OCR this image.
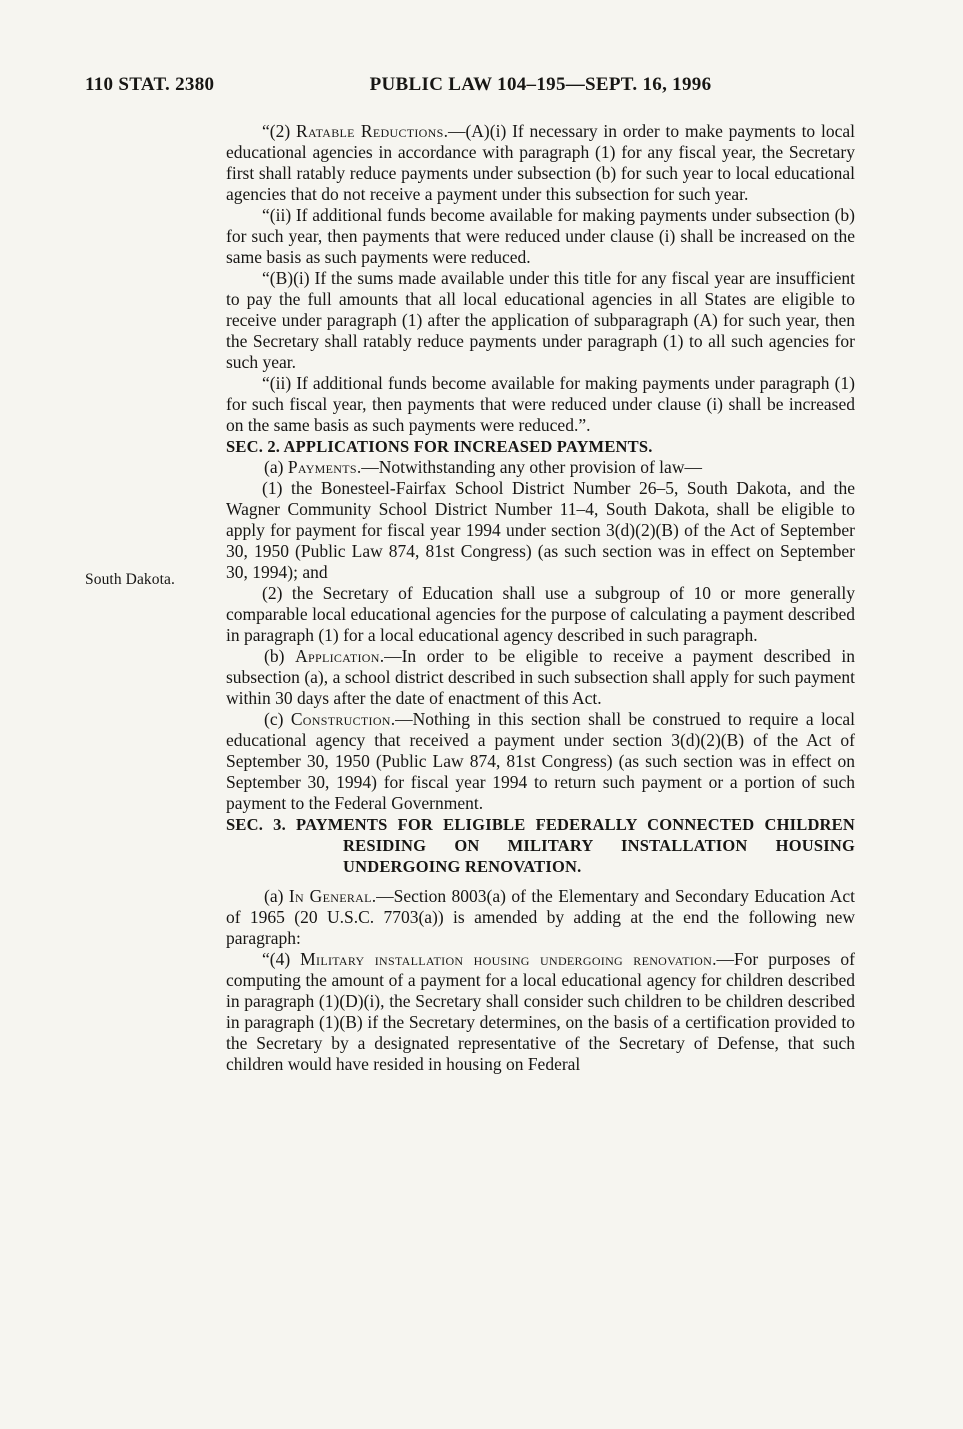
110 STAT. 2380	PUBLIC LAW 104–195—SEPT. 16, 1996
South Dakota.

“(2) Ratable Reductions.—(A)(i) If necessary in order to make payments to local educational agencies in accordance with paragraph (1) for any fiscal year, the Secretary first shall ratably reduce payments under subsection (b) for such year to local educational agencies that do not receive a payment under this subsection for such year.

“(ii) If additional funds become available for making payments under subsection (b) for such year, then payments that were reduced under clause (i) shall be increased on the same basis as such payments were reduced.

“(B)(i) If the sums made available under this title for any fiscal year are insufficient to pay the full amounts that all local educational agencies in all States are eligible to receive under paragraph (1) after the application of subparagraph (A) for such year, then the Secretary shall ratably reduce payments under paragraph (1) to all such agencies for such year.

“(ii) If additional funds become available for making payments under paragraph (1) for such fiscal year, then payments that were reduced under clause (i) shall be increased on the same basis as such payments were reduced.”.

SEC. 2. APPLICATIONS FOR INCREASED PAYMENTS.

(a) Payments.—Notwithstanding any other provision of law—

(1) the Bonesteel-Fairfax School District Number 26–5, South Dakota, and the Wagner Community School District Number 11–4, South Dakota, shall be eligible to apply for payment for fiscal year 1994 under section 3(d)(2)(B) of the Act of September 30, 1950 (Public Law 874, 81st Congress) (as such section was in effect on September 30, 1994); and

(2) the Secretary of Education shall use a subgroup of 10 or more generally comparable local educational agencies for the purpose of calculating a payment described in paragraph (1) for a local educational agency described in such paragraph.

(b) Application.—In order to be eligible to receive a payment described in subsection (a), a school district described in such subsection shall apply for such payment within 30 days after the date of enactment of this Act.

(c) Construction.—Nothing in this section shall be construed to require a local educational agency that received a payment under section 3(d)(2)(B) of the Act of September 30, 1950 (Public Law 874, 81st Congress) (as such section was in effect on September 30, 1994) for fiscal year 1994 to return such payment or a portion of such payment to the Federal Government.

SEC. 3. PAYMENTS FOR ELIGIBLE FEDERALLY CONNECTED CHILDREN RESIDING ON MILITARY INSTALLATION HOUSING UNDERGOING RENOVATION.

(a) In General.—Section 8003(a) of the Elementary and Secondary Education Act of 1965 (20 U.S.C. 7703(a)) is amended by adding at the end the following new paragraph:

“(4) Military installation housing undergoing renovation.—For purposes of computing the amount of a payment for a local educational agency for children described in paragraph (1)(D)(i), the Secretary shall consider such children to be children described in paragraph (1)(B) if the Secretary determines, on the basis of a certification provided to the Secretary by a designated representative of the Secretary of Defense, that such children would have resided in housing on Federal
